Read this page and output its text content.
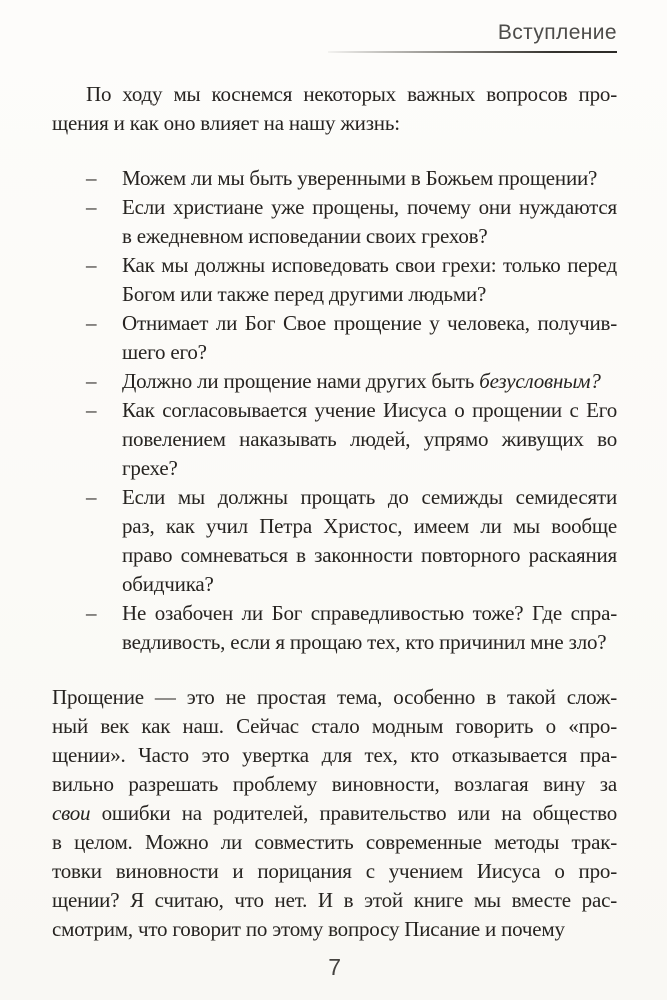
Вступление
По ходу мы коснемся некоторых важных вопросов про-
щения и как оно влияет на нашу жизнь:
–	Можем ли мы быть уверенными в Божьем прощении?
–	Если христиане уже прощены, почему они нуждаются
в ежедневном исповедании своих грехов?
–	Как мы должны исповедовать свои грехи: только перед
Богом или также перед другими людьми?
–	Отнимает ли Бог Свое прощение у человека, получив-
шего его?
–	Должно ли прощение нами других быть безусловным?
–	Как согласовывается учение Иисуса о прощении с Его
повелением наказывать людей, упрямо живущих во
грехе?
–	Если мы должны прощать до семижды семидесяти
раз, как учил Петра Христос, имеем ли мы вообще
право сомневаться в законности повторного раскаяния
обидчика?
–	Не озабочен ли Бог справедливостью тоже? Где спра-
ведливость, если я прощаю тех, кто причинил мне зло?
Прощение — это не простая тема, особенно в такой слож-
ный век как наш. Сейчас стало модным говорить о «про-
щении». Часто это увертка для тех, кто отказывается пра-
вильно разрешать проблему виновности, возлагая вину за
свои ошибки на родителей, правительство или на общество
в целом. Можно ли совместить современные методы трак-
товки виновности и порицания с учением Иисуса о про-
щении? Я считаю, что нет. И в этой книге мы вместе рас-
смотрим, что говорит по этому вопросу Писание и почему
7
